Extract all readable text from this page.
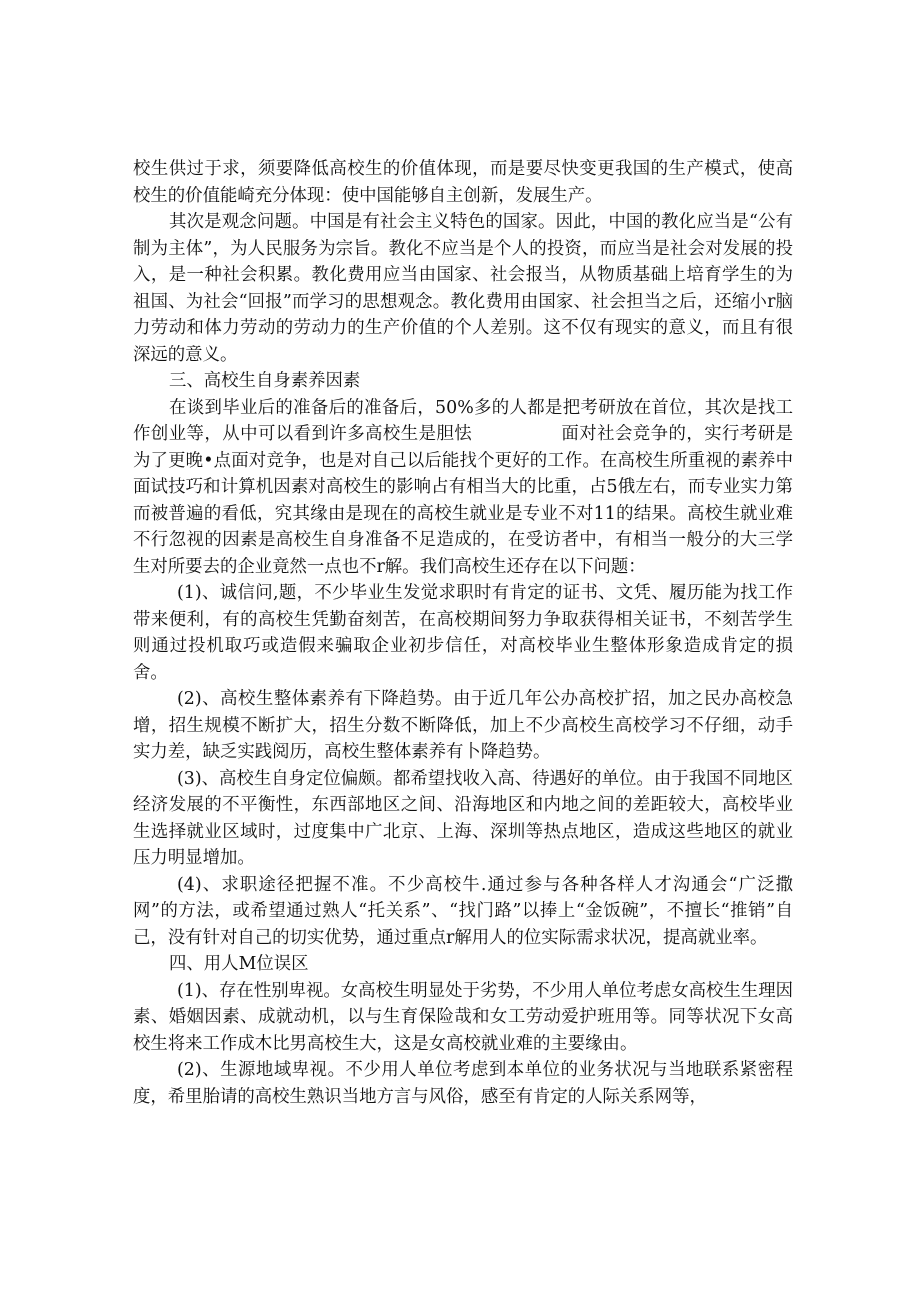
校生供过于求，须要降低高校生的价值体现，而是要尽快变更我国的生产模式，使高校生的价值能崎充分体现：使中国能够自主创新，发展生产。

其次是观念问题。中国是有社会主义特色的国家。因此，中国的教化应当是“公有制为主体”，为人民服务为宗旨。教化不应当是个人的投资，而应当是社会对发展的投入，是一种社会积累。教化费用应当由国家、社会报当，从物质基础上培育学生的为祖国、为社会“回报”而学习的思想观念。教化费用由国家、社会担当之后，还缩小r脑力劳动和体力劳动的劳动力的生产价值的个人差别。这不仅有现实的意义，而且有很深远的意义。

三、高校生自身素养因素

在谈到毕业后的准备后的准备后，50%多的人都是把考研放在首位，其次是找工作创业等，从中可以看到许多高校生是胆怯　　　　　面对社会竞争的，实行考研是为了更晚•点面对竞争，也是对自己以后能找个更好的工作。在高校生所重视的素养中面试技巧和计算机因素对高校生的影响占有相当大的比重，占5俄左右，而专业实力第而被普遍的看低，究其缘由是现在的高校生就业是专业不对11的结果。高校生就业难不行忽视的因素是高校生自身准备不足造成的，在受访者中，有相当一般分的大三学生对所要去的企业竟然一点也不r解。我们高校生还存在以下问题：

(1)、诚信问,题，不少毕业生发觉求职时有肯定的证书、文凭、履历能为找工作带来便利，有的高校生凭勤奋刻苦，在高校期间努力争取获得相关证书，不刻苦学生则通过投机取巧或造假来骗取企业初步信任，对高校毕业生整体形象造成肯定的损舍。

(2)、高校生整体素养有下降趋势。由于近几年公办高校扩招，加之民办高校急增，招生规模不断扩大，招生分数不断降低，加上不少高校生高校学习不仔细，动手实力差，缺乏实践阅历，高校生整体素养有卜降趋势。

(3)、高校生自身定位偏颇。都希望找收入高、待遇好的单位。由于我国不同地区经济发展的不平衡性，东西部地区之间、沿海地区和内地之间的差距较大，高校毕业生选择就业区域时，过度集中广北京、上海、深圳等热点地区，造成这些地区的就业压力明显增加。

(4)、求职途径把握不准。不少高校牛.通过参与各种各样人才沟通会“广泛撒网”的方法，或希望通过熟人“托关系”、“找门路”以捧上“金饭碗”，不擅长“推销”自己，没有针对自己的切实优势，通过重点r解用人的位实际需求状况，提高就业率。

四、用人M位误区

(1)、存在性别卑视。女高校生明显处于劣势，不少用人单位考虑女高校生生理因素、婚姻因素、成就动机，以与生育保险哉和女工劳动爱护班用等。同等状况下女高校生将来工作成木比男高校生大，这是女高校就业难的主要缘由。

(2)、生源地域卑视。不少用人单位考虑到本单位的业务状况与当地联系紧密程度，希里胎请的高校生熟识当地方言与风俗，感至有肯定的人际关系网等，
